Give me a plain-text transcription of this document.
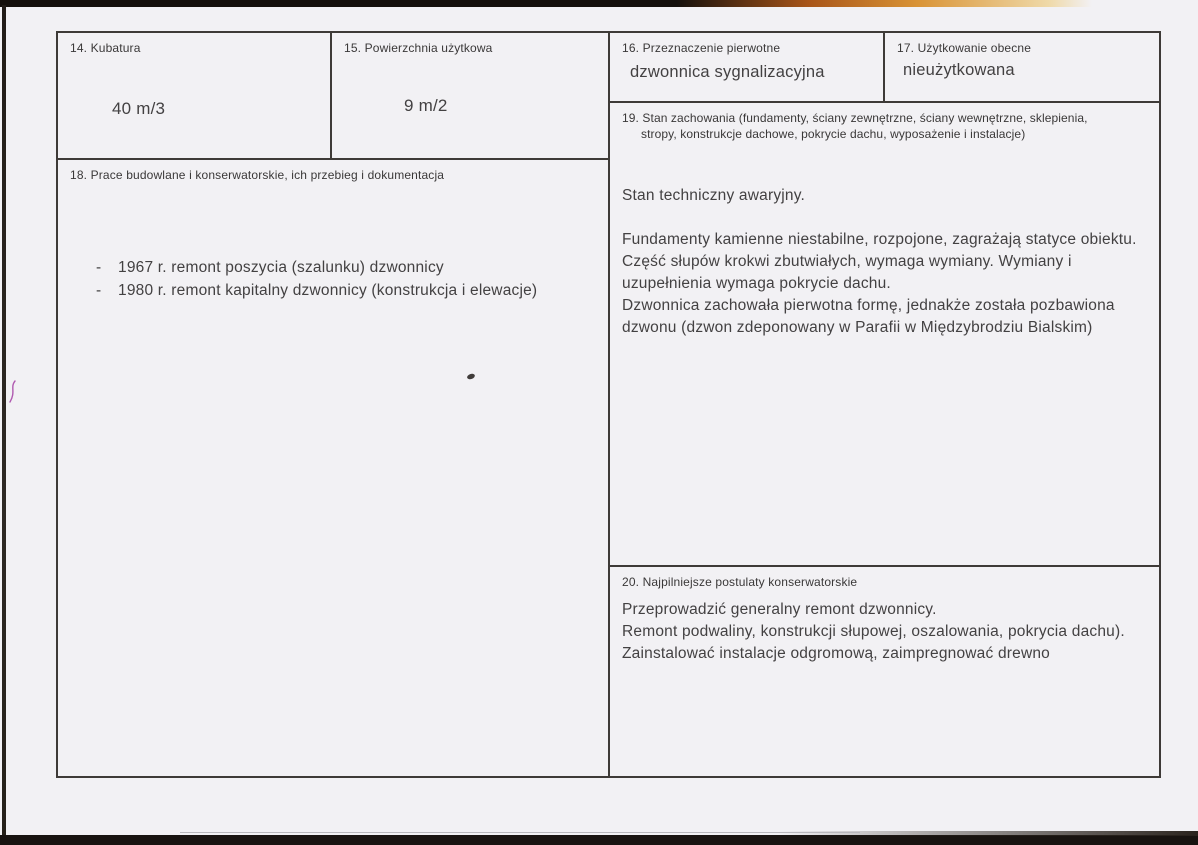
14. Kubatura
40 m/3
15. Powierzchnia użytkowa
9 m/2
16. Przeznaczenie pierwotne
dzwonnica sygnalizacyjna
17. Użytkowanie obecne
nieużytkowana
18. Prace budowlane i konserwatorskie, ich przebieg i dokumentacja
-	1967 r. remont poszycia (szalunku) dzwonnicy
-	1980 r. remont kapitalny dzwonnicy (konstrukcja i elewacje)
19. Stan zachowania (fundamenty, ściany zewnętrzne, ściany wewnętrzne, sklepienia,
stropy, konstrukcje dachowe, pokrycie dachu, wyposażenie i instalacje)
Stan techniczny awaryjny.
Fundamenty kamienne niestabilne, rozpojone, zagrażają statyce obiektu. Część słupów krokwi zbutwiałych, wymaga wymiany. Wymiany i uzupełnienia wymaga pokrycie dachu.
Dzwonnica zachowała pierwotna formę, jednakże została pozbawiona dzwonu (dzwon zdeponowany w Parafii w Międzybrodziu Bialskim)
20. Najpilniejsze postulaty konserwatorskie
Przeprowadzić generalny remont dzwonnicy.
Remont podwaliny, konstrukcji słupowej, oszalowania, pokrycia dachu).
Zainstalować instalacje odgromową, zaimpregnować drewno
